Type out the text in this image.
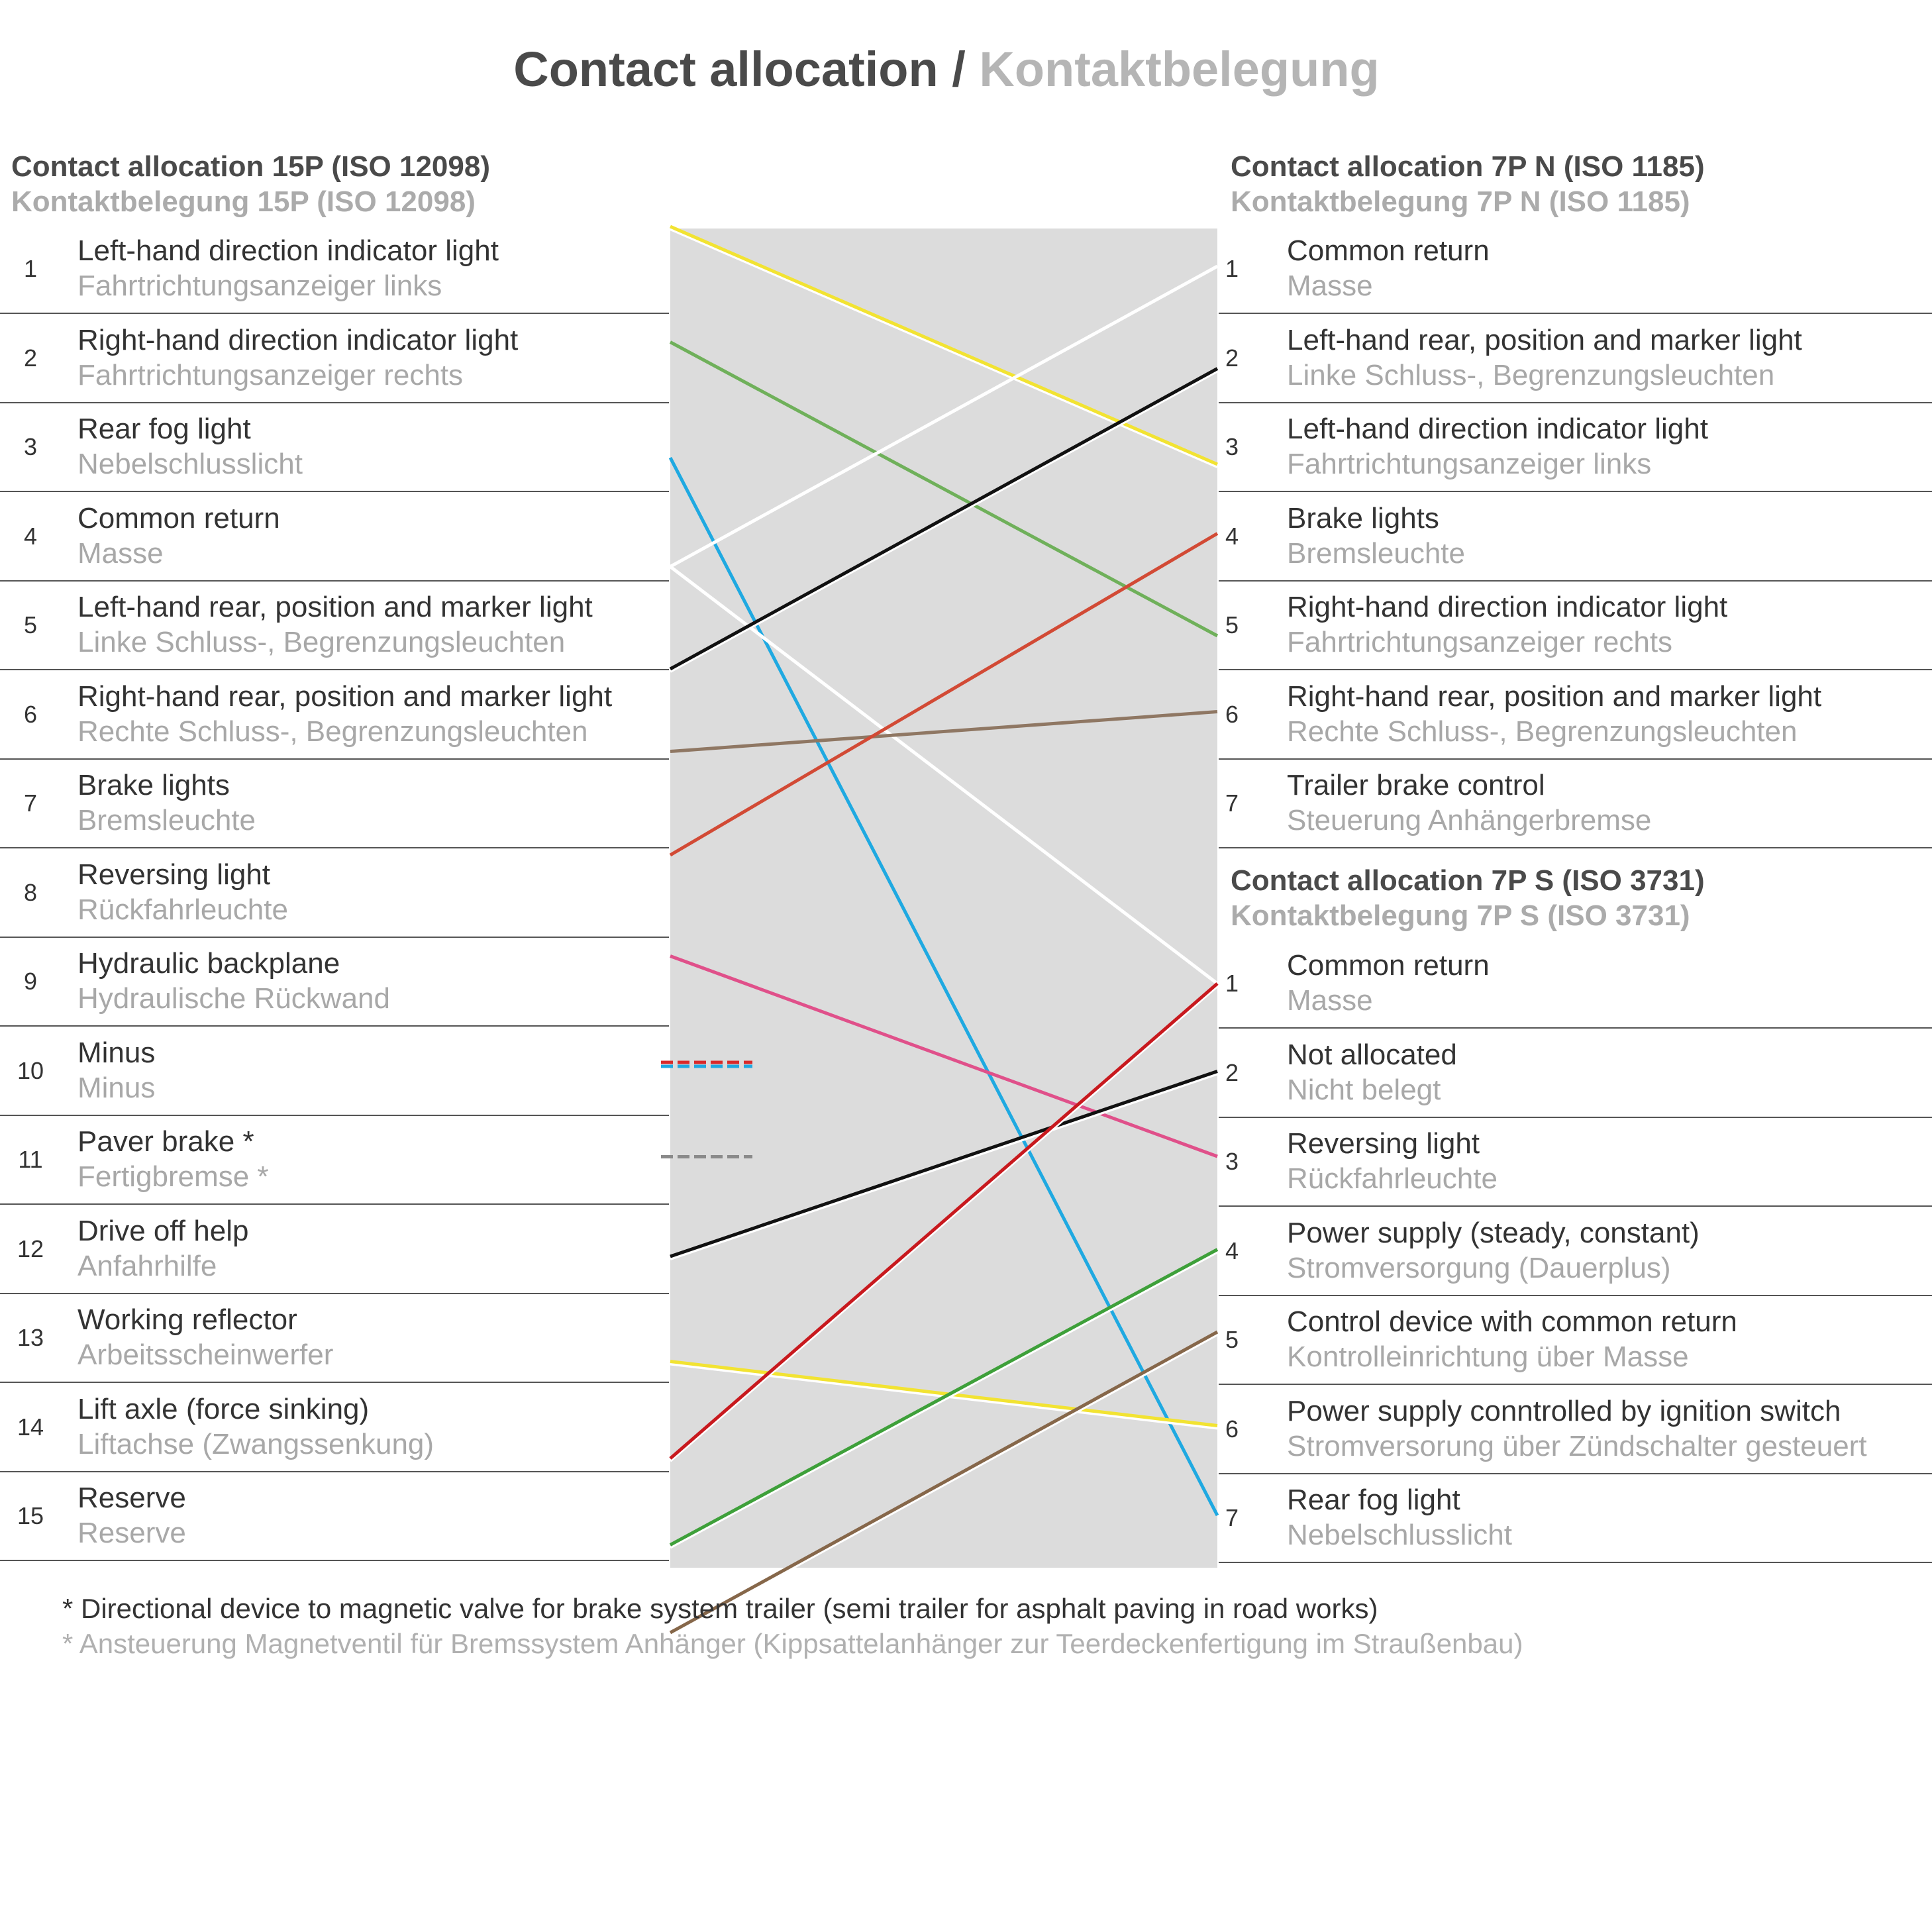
Contact allocation / Kontaktbelegung
Contact allocation 15P (ISO 12098)
Kontaktbelegung 15P (ISO 12098)
Contact allocation 7P N (ISO 1185)
Kontaktbelegung 7P N (ISO 1185)
Contact allocation 7P S (ISO 3731)
Kontaktbelegung 7P S (ISO 3731)
1
Left-hand direction indicator light
Fahrtrichtungsanzeiger links
2
Right-hand direction indicator light
Fahrtrichtungsanzeiger rechts
3
Rear fog light
Nebelschlusslicht
4
Common return
Masse
5
Left-hand rear, position and marker light
Linke Schluss-, Begrenzungsleuchten
6
Right-hand rear, position and marker light
Rechte Schluss-, Begrenzungsleuchten
7
Brake lights
Bremsleuchte
8
Reversing light
Rückfahrleuchte
9
Hydraulic backplane
Hydraulische Rückwand
10
Minus
Minus
11
Paver brake *
Fertigbremse *
12
Drive off help
Anfahrhilfe
13
Working reflector
Arbeitsscheinwerfer
14
Lift axle (force sinking)
Liftachse (Zwangssenkung)
15
Reserve
Reserve
1
Common return
Masse
2
Left-hand rear, position and marker light
Linke Schluss-, Begrenzungsleuchten
3
Left-hand direction indicator light
Fahrtrichtungsanzeiger links
4
Brake lights
Bremsleuchte
5
Right-hand direction indicator light
Fahrtrichtungsanzeiger rechts
6
Right-hand rear, position and marker light
Rechte Schluss-, Begrenzungsleuchten
7
Trailer brake control
Steuerung Anhängerbremse
1
Common return
Masse
2
Not allocated
Nicht belegt
3
Reversing light
Rückfahrleuchte
4
Power supply (steady, constant)
Stromversorgung (Dauerplus)
5
Control device with common return
Kontrolleinrichtung über Masse
6
Power supply conntrolled by ignition switch
Stromversorung über Zündschalter gesteuert
7
Rear fog light
Nebelschlusslicht
* Directional device to magnetic valve for brake system trailer (semi trailer for asphalt paving in road works)
* Ansteuerung Magnetventil für Bremssystem Anhänger (Kippsattelanhänger zur Teerdeckenfertigung im Straußenbau)
